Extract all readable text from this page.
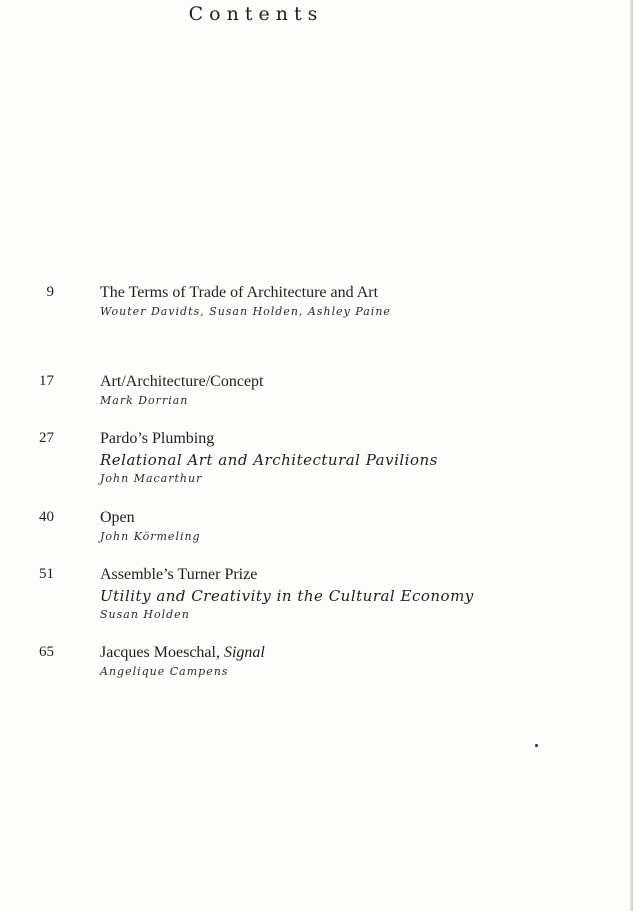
Contents
9	The Terms of Trade of Architecture and Art
Wouter Davidts, Susan Holden, Ashley Paine
17	Art/Architecture/Concept
Mark Dorrian
27	Pardo’s Plumbing
Relational Art and Architectural Pavilions
John Macarthur
40	Open
John Körmeling
51	Assemble’s Turner Prize
Utility and Creativity in the Cultural Economy
Susan Holden
65	Jacques Moeschal, Signal
Angelique Campens
